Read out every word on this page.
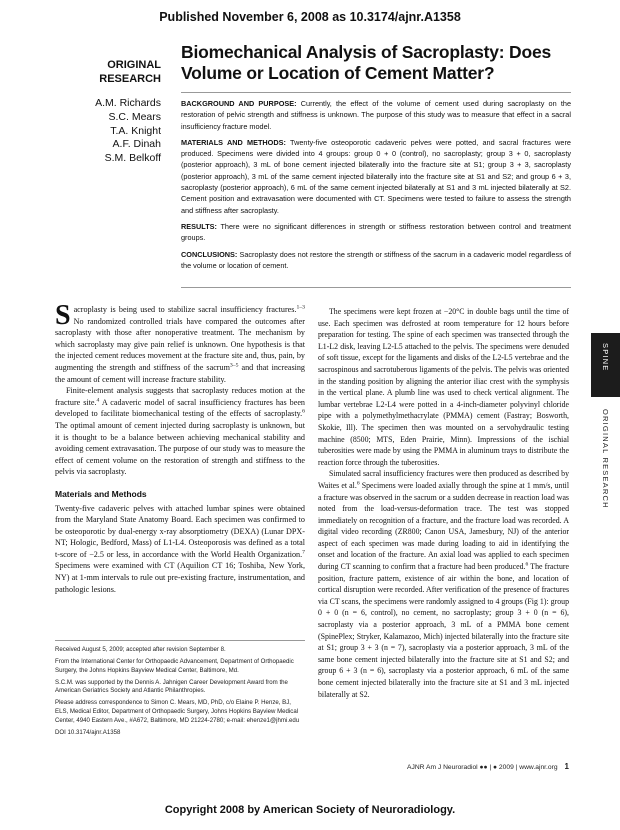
Published November 6, 2008 as 10.3174/ajnr.A1358
ORIGINAL
RESEARCH
A.M. Richards
S.C. Mears
T.A. Knight
A.F. Dinah
S.M. Belkoff
Biomechanical Analysis of Sacroplasty: Does Volume or Location of Cement Matter?

BACKGROUND AND PURPOSE: Currently, the effect of the volume of cement used during sacroplasty on the restoration of pelvic strength and stiffness is unknown. The purpose of this study was to measure that effect in a sacral insufficiency fracture model.

MATERIALS AND METHODS: Twenty-five osteoporotic cadaveric pelves were potted, and sacral fractures were produced. Specimens were divided into 4 groups: group 0 + 0 (control), no sacroplasty; group 3 + 0, sacroplasty (posterior approach), 3 mL of bone cement injected bilaterally into the fracture site at S1; group 3 + 3, sacroplasty (posterior approach), 3 mL of the same cement injected bilaterally into the fracture site at S1 and S2; and group 6 + 3, sacroplasty (posterior approach), 6 mL of the same cement injected bilaterally at S1 and 3 mL injected bilaterally at S2. Cement position and extravasation were documented with CT. Specimens were tested to failure to assess the strength and stiffness after sacroplasty.

RESULTS: There were no significant differences in strength or stiffness restoration between control and treatment groups.

CONCLUSIONS: Sacroplasty does not restore the strength or stiffness of the sacrum in a cadaveric model regardless of the volume or location of cement.

Sacroplasty is being used to stabilize sacral insufficiency fractures.$^{1-3}$ No randomized controlled trials have compared the outcomes after sacroplasty with those after nonoperative treatment. The mechanism by which sacroplasty may give pain relief is unknown. One hypothesis is that the injected cement reduces movement at the fracture site and, thus, pain, by augmenting the strength and stiffness of the sacrum$^{3-5}$ and that increasing the amount of cement will increase fracture stability.

Finite-element analysis suggests that sacroplasty reduces motion at the fracture site.$^4$ A cadaveric model of sacral insufficiency fractures has been developed to facilitate biomechanical testing of the effects of sacroplasty.$^6$ The optimal amount of cement injected during sacroplasty is unknown, but it is thought to be a balance between achieving mechanical stability and avoiding cement extravasation. The purpose of our study was to measure the effect of cement volume on the restoration of strength and stiffness to the pelvis via sacroplasty.

Materials and Methods

Twenty-five cadaveric pelves with attached lumbar spines were obtained from the Maryland State Anatomy Board. Each specimen was confirmed to be osteoporotic by dual-energy x-ray absorptiometry (DEXA) (Lunar DPX-NT; Hologic, Bedford, Mass) of L1-L4. Osteoporosis was defined as a total t-score of −2.5 or less, in accordance with the World Health Organization.$^7$ Specimens were examined with CT (Aquilion CT 16; Toshiba, New York, NY) at 1-mm intervals to rule out pre-existing fracture, instrumentation, and pathologic lesions.

Received August 5, 2009; accepted after revision September 8.

From the International Center for Orthopaedic Advancement, Department of Orthopaedic Surgery, the Johns Hopkins Bayview Medical Center, Baltimore, Md.

S.C.M. was supported by the Dennis A. Jahnigen Career Development Award from the American Geriatrics Society and Atlantic Philanthropies.

Please address correspondence to Simon C. Mears, MD, PhD, c/o Elaine P. Henze, BJ, ELS, Medical Editor, Department of Orthopaedic Surgery, Johns Hopkins Bayview Medical Center, 4940 Eastern Ave., #A672, Baltimore, MD 21224-2780; e-mail: ehenze1@jhmi.edu

DOI 10.3174/ajnr.A1358

The specimens were kept frozen at −20°C in double bags until the time of use. Each specimen was defrosted at room temperature for 12 hours before preparation for testing. The spine of each specimen was transected through the L1-L2 disk, leaving L2-L5 attached to the pelvis. The specimens were denuded of soft tissue, except for the ligaments and disks of the L2-L5 vertebrae and the sacrospinous and sacrotuberous ligaments of the pelvis. The pelvis was oriented in the standing position by aligning the anterior iliac crest with the symphysis in the vertical plane. A plumb line was used to check vertical alignment. The lumbar vertebrae L2-L4 were potted in a 4-inch-diameter polyvinyl chloride pipe with a polymethylmethacrylate (PMMA) cement (Fastray; Bosworth, Skokie, Ill). The specimen then was mounted on a servohydraulic testing machine (8500; MTS, Eden Prairie, Minn). Impressions of the ischial tuberosities were made by using the PMMA in aluminum trays to distribute the reaction force through the tuberosities.

Simulated sacral insufficiency fractures were then produced as described by Waites et al.$^6$ Specimens were loaded axially through the spine at 1 mm/s, until a fracture was observed in the sacrum or a sudden decrease in reaction load was noted from the load-versus-deformation trace. The test was stopped immediately on recognition of a fracture, and the fracture load was recorded. A digital video recording (ZR800; Canon USA, Jamesbury, NJ) of the anterior aspect of each specimen was made during loading to aid in identifying the onset and location of the fracture. An axial load was applied to each specimen during CT scanning to confirm that a fracture had been produced.$^6$ The fracture position, fracture pattern, existence of air within the bone, and location of cortical disruption were recorded. After verification of the presence of fractures via CT scans, the specimens were randomly assigned to 4 groups (Fig 1): group 0 + 0 (n = 6, control), no cement, no sacroplasty; group 3 + 0 (n = 6), sacroplasty via a posterior approach, 3 mL of a PMMA bone cement (SpinePlex; Stryker, Kalamazoo, Mich) injected bilaterally into the fracture site at S1; group 3 + 3 (n = 7), sacroplasty via a posterior approach, 3 mL of the same bone cement injected bilaterally into the fracture site at S1 and S2; and group 6 + 3 (n = 6), sacroplasty via a posterior approach, 6 mL of the same bone cement injected bilaterally into the fracture site at S1 and 3 mL injected bilaterally at S2.

SPINE
ORIGINAL RESEARCH
AJNR Am J Neuroradiol ●● | ● 2009 | www.ajnr.org 1
Copyright 2008 by American Society of Neuroradiology.
